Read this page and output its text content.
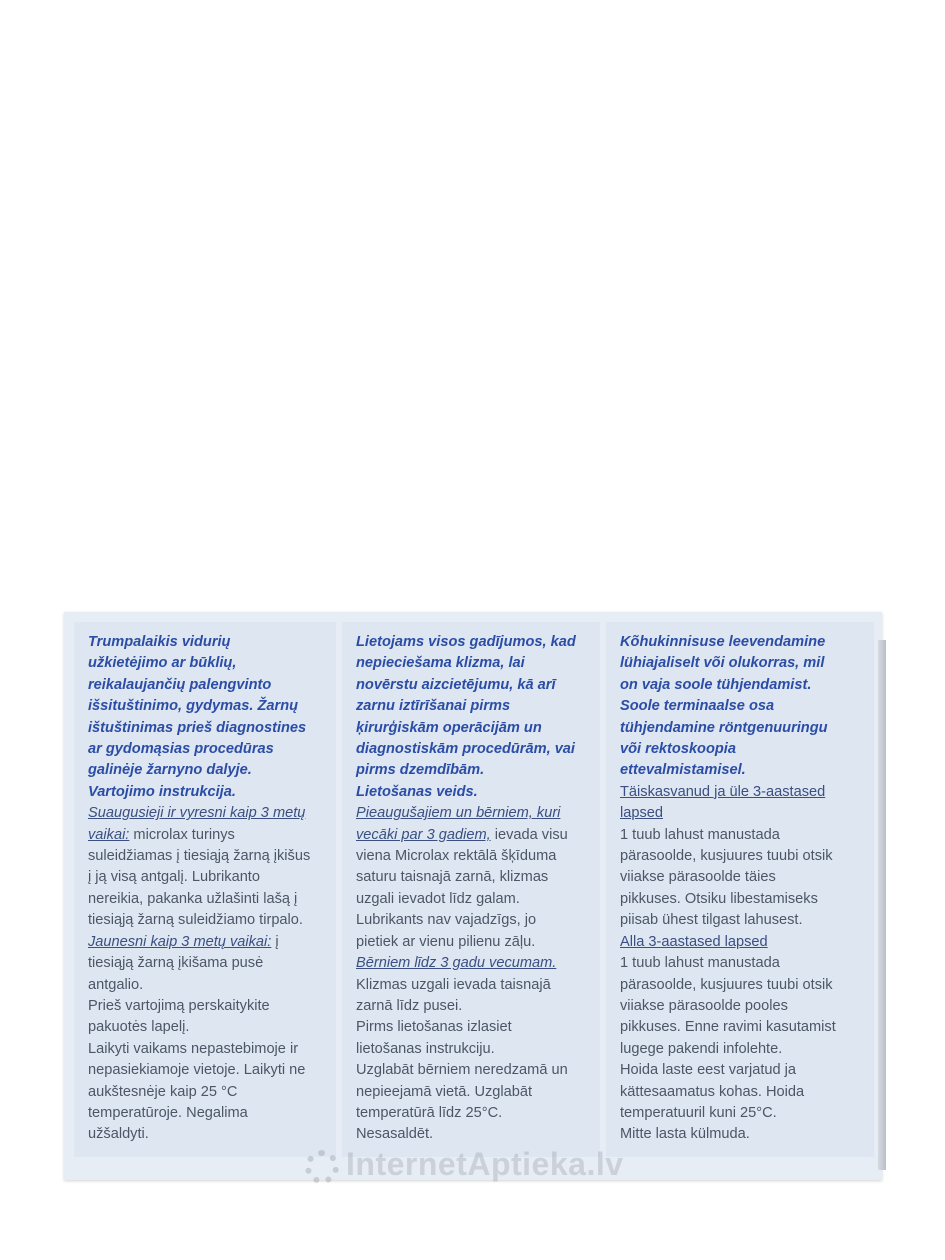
Trumpalaikis vidurių
užkietėjimo ar būklių,
reikalaujančių palengvinto
išsituštinimo, gydymas. Žarnų
ištuštinimas prieš diagnostines
ar gydomąsias procedūras
galinėje žarnyno dalyje.
Vartojimo instrukcija.
Suaugusieji ir vyresni kaip 3 metų
vaikai: microlax turinys
suleidžiamas į tiesiąją žarną įkišus
į ją visą antgalį. Lubrikanto
nereikia, pakanka užlašinti lašą į
tiesiąją žarną suleidžiamo tirpalo.
Jaunesni kaip 3 metų vaikai: į
tiesiąją žarną įkišama pusė
antgalio.
Prieš vartojimą perskaitykite
pakuotės lapelį.
Laikyti vaikams nepastebimoje ir
nepasiekiamoje vietoje. Laikyti ne
aukštesnėje kaip 25 °C
temperatūroje. Negalima
užšaldyti.
Lietojams visos gadījumos, kad
nepieciešama klizma, lai
novērstu aizcietējumu, kā arī
zarnu iztīrīšanai pirms
ķirurģiskām operācijām un
diagnostiskām procedūrām, vai
pirms dzemdībām.
Lietošanas veids.
Pieaugušajiem un bērniem, kuri
vecāki par 3 gadiem, ievada visu
viena Microlax rektālā šķīduma
saturu taisnajā zarnā, klizmas
uzgali ievadot līdz galam.
Lubrikants nav vajadzīgs, jo
pietiek ar vienu pilienu zāļu.
Bērniem līdz 3 gadu vecumam.
Klizmas uzgali ievada taisnajā
zarnā līdz pusei.
Pirms lietošanas izlasiet
lietošanas instrukciju.
Uzglabāt bērniem neredzamā un
nepieejamā vietā. Uzglabāt
temperatūrā līdz 25°C.
Nesasaldēt.
Kõhukinnisuse leevendamine
lühiajaliselt või olukorras, mil
on vaja soole tühjendamist.
Soole terminaalse osa
tühjendamine röntgenuuringu
või rektoskoopia
ettevalmistamisel.
Täiskasvanud ja üle 3-aastased
lapsed
1 tuub lahust manustada
pärasoolde, kusjuures tuubi otsik
viiakse pärasoolde täies
pikkuses. Otsiku libestamiseks
piisab ühest tilgast lahusest.
Alla 3-aastased lapsed
1 tuub lahust manustada
pärasoolde, kusjuures tuubi otsik
viiakse pärasoolde pooles
pikkuses. Enne ravimi kasutamist
lugege pakendi infolehte.
Hoida laste eest varjatud ja
kättesaamatus kohas. Hoida
temperatuuril kuni 25°C.
Mitte lasta külmuda.
InternetAptieka.lv
